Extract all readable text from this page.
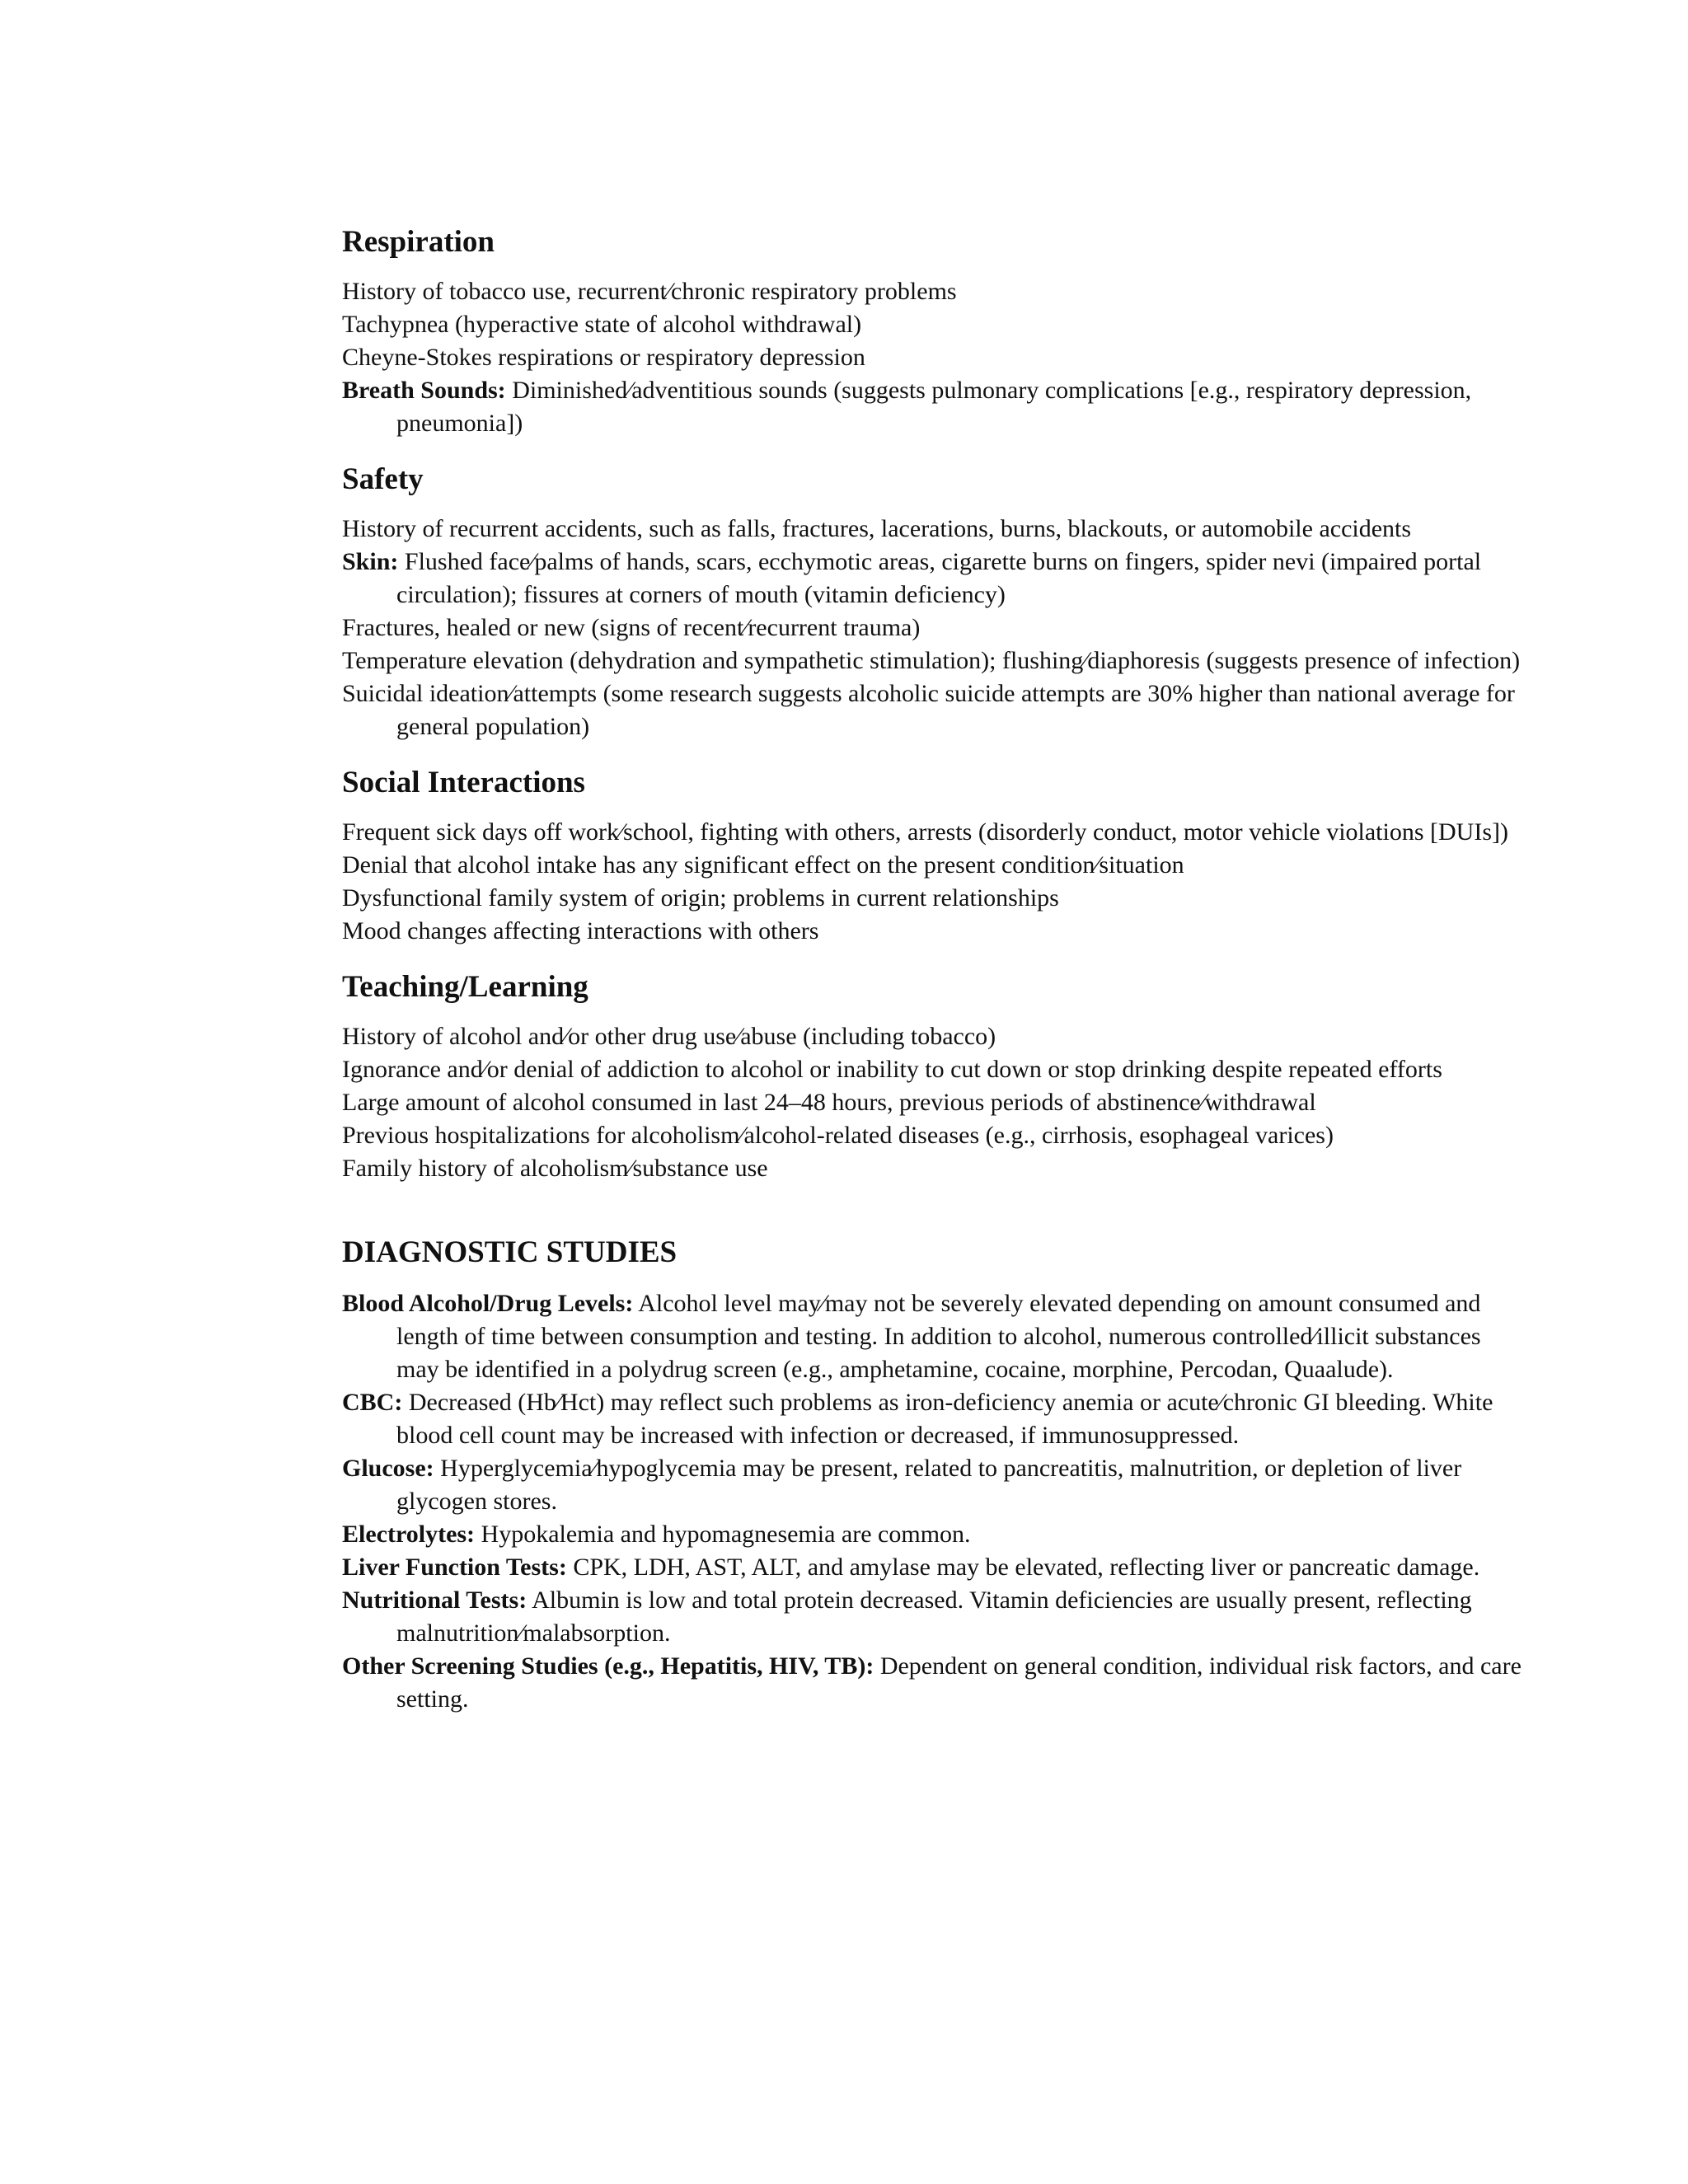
Respiration

History of tobacco use, recurrent⁄chronic respiratory problems

Tachypnea (hyperactive state of alcohol withdrawal)

Cheyne-Stokes respirations or respiratory depression

Breath Sounds: Diminished⁄adventitious sounds (suggests pulmonary complications [e.g., respiratory depression, pneumonia])

Safety

History of recurrent accidents, such as falls, fractures, lacerations, burns, blackouts, or automobile accidents

Skin: Flushed face⁄palms of hands, scars, ecchymotic areas, cigarette burns on fingers, spider nevi (impaired portal circulation); fissures at corners of mouth (vitamin deficiency)

Fractures, healed or new (signs of recent⁄recurrent trauma)

Temperature elevation (dehydration and sympathetic stimulation); flushing⁄diaphoresis (suggests presence of infection)

Suicidal ideation⁄attempts (some research suggests alcoholic suicide attempts are 30% higher than national average for general population)

Social Interactions

Frequent sick days off work⁄school, fighting with others, arrests (disorderly conduct, motor vehicle violations [DUIs])

Denial that alcohol intake has any significant effect on the present condition⁄situation

Dysfunctional family system of origin; problems in current relationships

Mood changes affecting interactions with others

Teaching/Learning

History of alcohol and⁄or other drug use⁄abuse (including tobacco)

Ignorance and⁄or denial of addiction to alcohol or inability to cut down or stop drinking despite repeated efforts

Large amount of alcohol consumed in last 24–48 hours, previous periods of abstinence⁄withdrawal

Previous hospitalizations for alcoholism⁄alcohol-related diseases (e.g., cirrhosis, esophageal varices)

Family history of alcoholism⁄substance use

DIAGNOSTIC STUDIES

Blood Alcohol/Drug Levels: Alcohol level may⁄may not be severely elevated depending on amount consumed and length of time between consumption and testing. In addition to alcohol, numerous controlled⁄illicit substances may be identified in a polydrug screen (e.g., amphetamine, cocaine, morphine, Percodan, Quaalude).

CBC: Decreased (Hb⁄Hct) may reflect such problems as iron-deficiency anemia or acute⁄chronic GI bleeding. White blood cell count may be increased with infection or decreased, if immunosuppressed.

Glucose: Hyperglycemia⁄hypoglycemia may be present, related to pancreatitis, malnutrition, or depletion of liver glycogen stores.

Electrolytes: Hypokalemia and hypomagnesemia are common.

Liver Function Tests: CPK, LDH, AST, ALT, and amylase may be elevated, reflecting liver or pancreatic damage.

Nutritional Tests: Albumin is low and total protein decreased. Vitamin deficiencies are usually present, reflecting malnutrition⁄malabsorption.

Other Screening Studies (e.g., Hepatitis, HIV, TB): Dependent on general condition, individual risk factors, and care setting.
